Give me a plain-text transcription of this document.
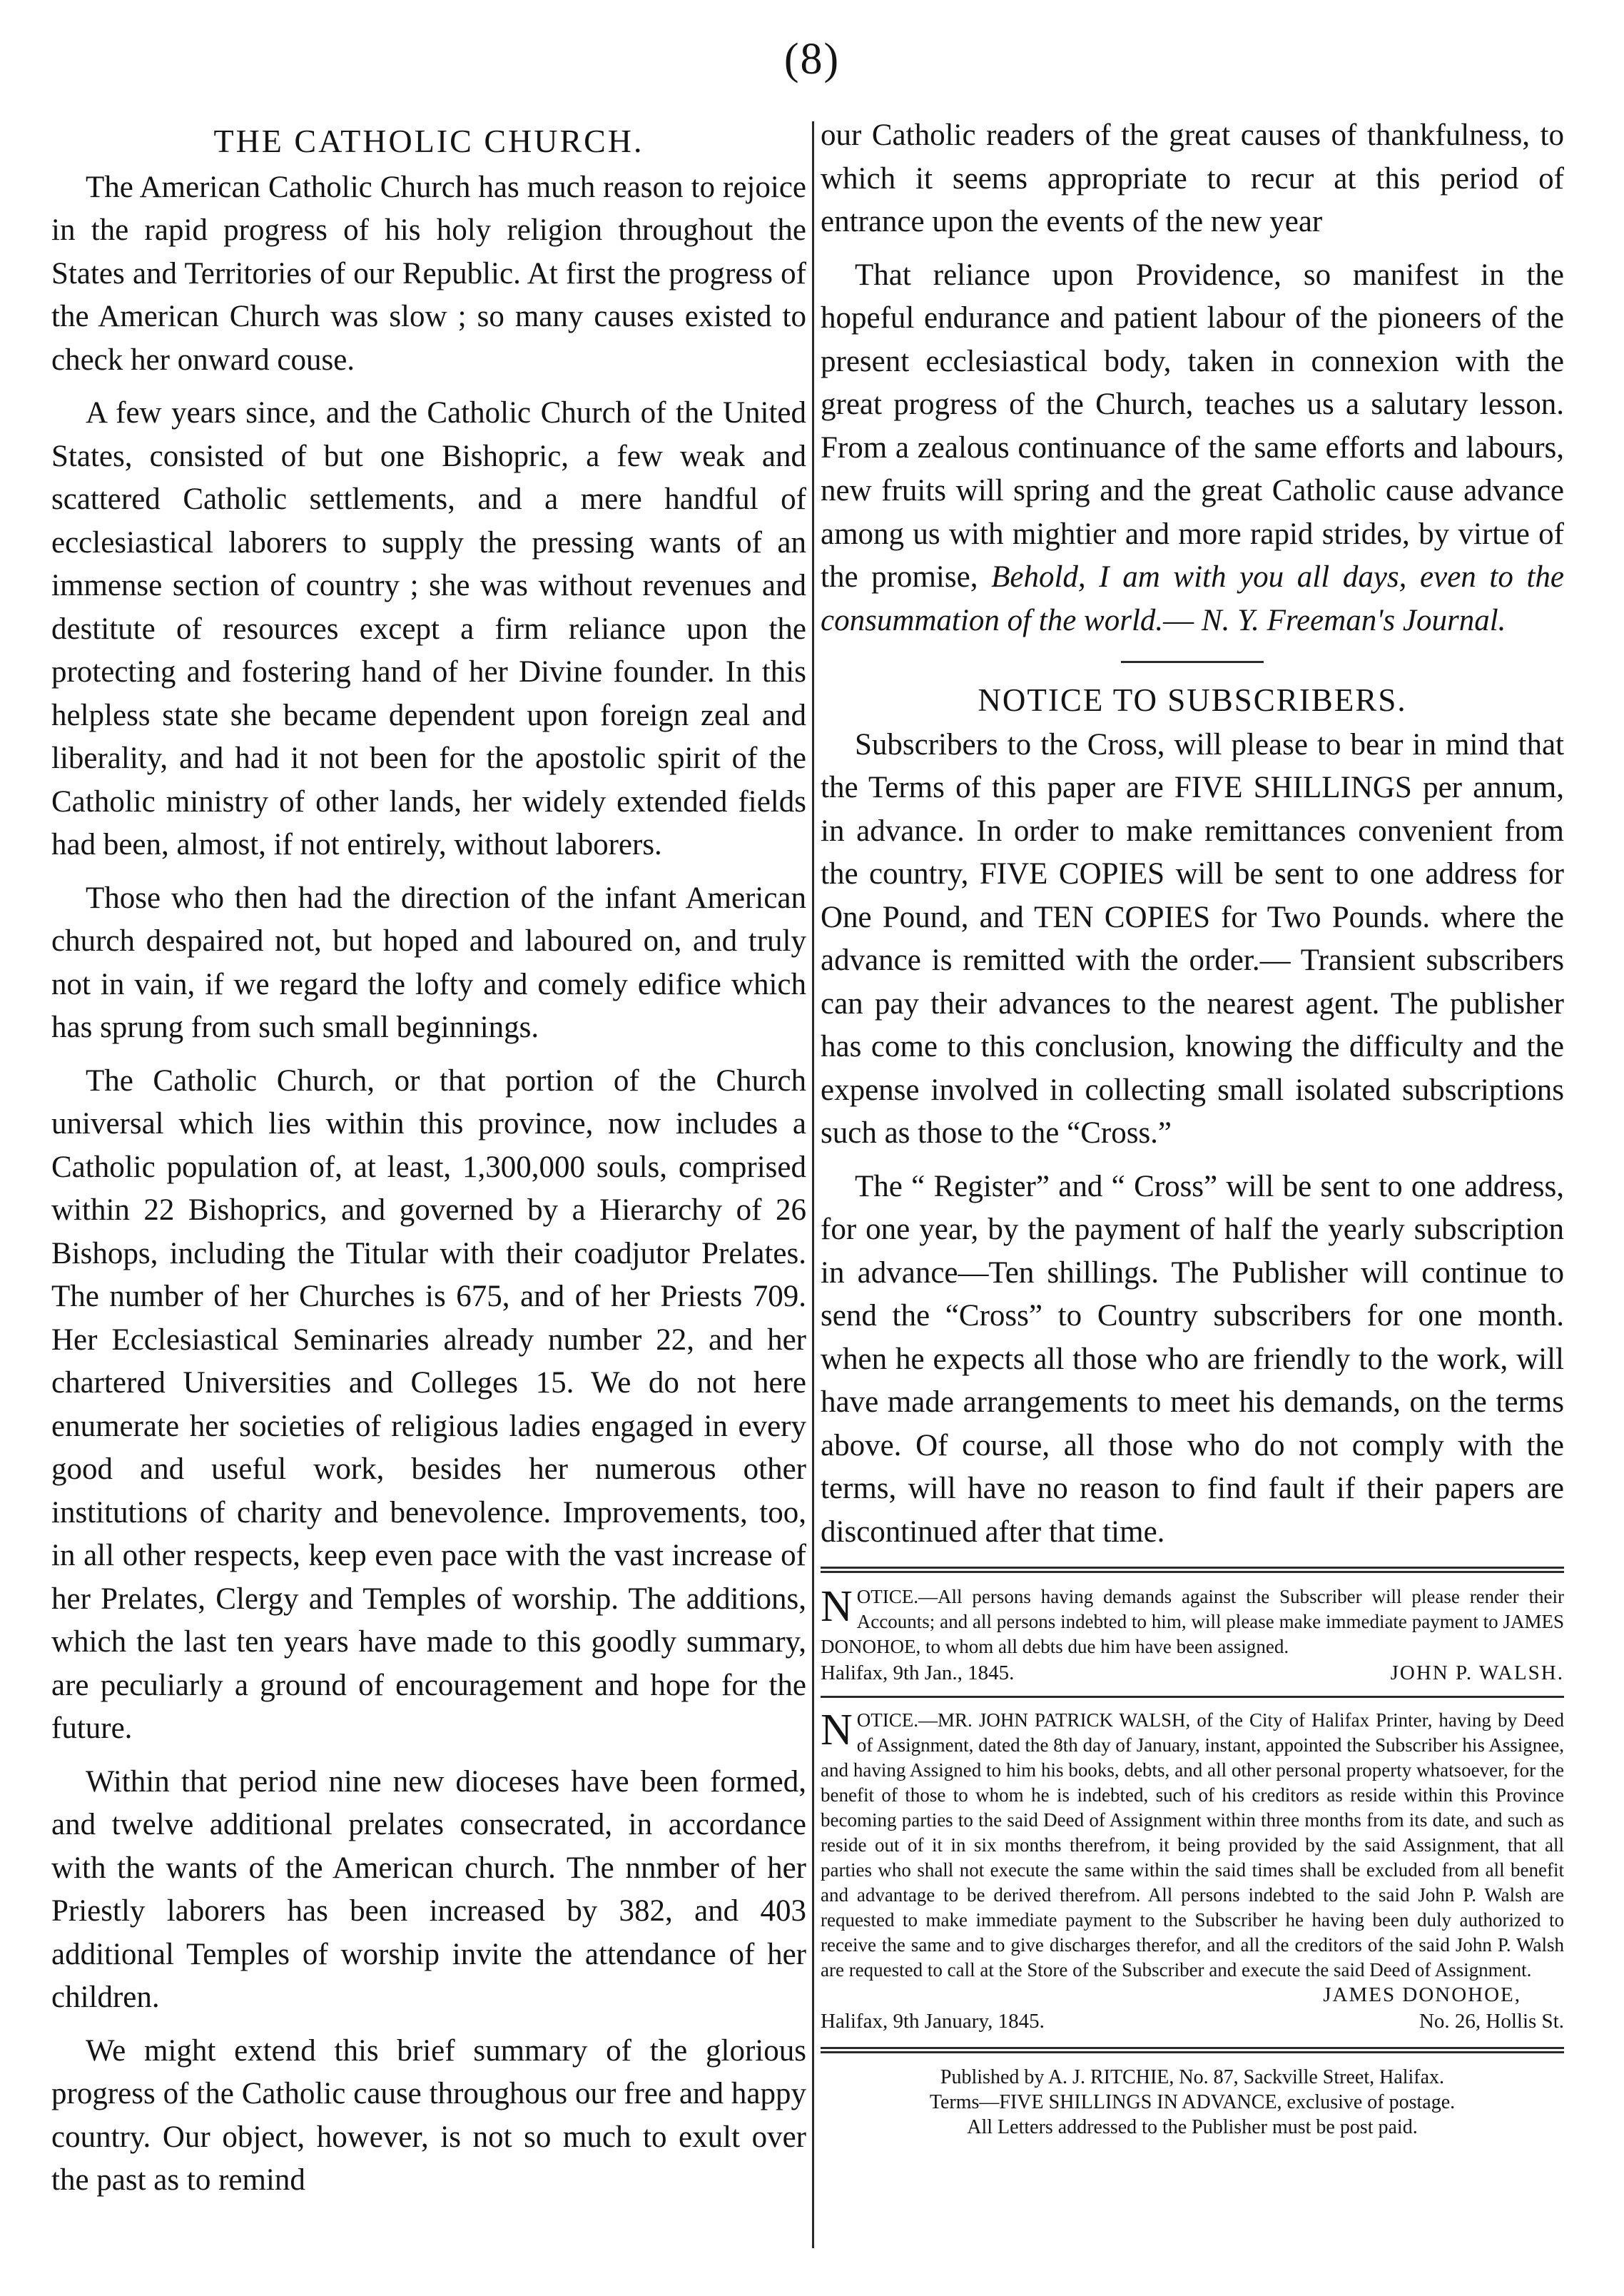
(8)
THE CATHOLIC CHURCH.

The American Catholic Church has much reason to rejoice in the rapid progress of his holy religion throughout the States and Territories of our Republic. At first the progress of the American Church was slow ; so many causes existed to check her onward couse.

A few years since, and the Catholic Church of the United States, consisted of but one Bishopric, a few weak and scattered Catholic settlements, and a mere handful of ecclesiastical laborers to supply the pressing wants of an immense section of country ; she was without revenues and destitute of resources except a firm reliance upon the protecting and fostering hand of her Divine founder. In this helpless state she became dependent upon foreign zeal and liberality, and had it not been for the apostolic spirit of the Catholic ministry of other lands, her widely extended fields had been, almost, if not entirely, without laborers.

Those who then had the direction of the infant American church despaired not, but hoped and laboured on, and truly not in vain, if we regard the lofty and comely edifice which has sprung from such small beginnings.

The Catholic Church, or that portion of the Church universal which lies within this province, now includes a Catholic population of, at least, 1,300,000 souls, comprised within 22 Bishoprics, and governed by a Hierarchy of 26 Bishops, including the Titular with their coadjutor Prelates. The number of her Churches is 675, and of her Priests 709. Her Ecclesiastical Seminaries already number 22, and her chartered Universities and Colleges 15. We do not here enumerate her societies of religious ladies engaged in every good and useful work, besides her numerous other institutions of charity and benevolence. Improvements, too, in all other respects, keep even pace with the vast increase of her Prelates, Clergy and Temples of worship. The additions, which the last ten years have made to this goodly summary, are peculiarly a ground of encouragement and hope for the future.

Within that period nine new dioceses have been formed, and twelve additional prelates consecrated, in accordance with the wants of the American church. The nnmber of her Priestly laborers has been increased by 382, and 403 additional Temples of worship invite the attendance of her children.

We might extend this brief summary of the glorious progress of the Catholic cause throughous our free and happy country. Our object, however, is not so much to exult over the past as to remind

our Catholic readers of the great causes of thankfulness, to which it seems appropriate to recur at this period of entrance upon the events of the new year

That reliance upon Providence, so manifest in the hopeful endurance and patient labour of the pioneers of the present ecclesiastical body, taken in connexion with the great progress of the Church, teaches us a salutary lesson. From a zealous continuance of the same efforts and labours, new fruits will spring and the great Catholic cause advance among us with mightier and more rapid strides, by virtue of the promise, Behold, I am with you all days, even to the consummation of the world.— N. Y. Freeman's Journal.

NOTICE TO SUBSCRIBERS.

Subscribers to the Cross, will please to bear in mind that the Terms of this paper are FIVE SHILLINGS per annum, in advance. In order to make remittances convenient from the country, FIVE COPIES will be sent to one address for One Pound, and TEN COPIES for Two Pounds. where the advance is remitted with the order.— Transient subscribers can pay their advances to the nearest agent. The publisher has come to this conclusion, knowing the difficulty and the expense involved in collecting small isolated subscriptions such as those to the “Cross.”

The “ Register” and “ Cross” will be sent to one address, for one year, by the payment of half the yearly subscription in advance—Ten shillings. The Publisher will continue to send the “Cross” to Country subscribers for one month. when he expects all those who are friendly to the work, will have made arrangements to meet his demands, on the terms above. Of course, all those who do not comply with the terms, will have no reason to find fault if their papers are discontinued after that time.

NOTICE.—All persons having demands against the Subscriber will please render their Accounts; and all persons indebted to him, will please make immediate payment to JAMES DONOHOE, to whom all debts due him have been assigned.

Halifax, 9th Jan., 1845.	JOHN P. WALSH.

NOTICE.—MR. JOHN PATRICK WALSH, of the City of Halifax Printer, having by Deed of Assignment, dated the 8th day of January, instant, appointed the Subscriber his Assignee, and having Assigned to him his books, debts, and all other personal property whatsoever, for the benefit of those to whom he is indebted, such of his creditors as reside within this Province becoming parties to the said Deed of Assignment within three months from its date, and such as reside out of it in six months therefrom, it being provided by the said Assignment, that all parties who shall not execute the same within the said times shall be excluded from all benefit and advantage to be derived therefrom. All persons indebted to the said John P. Walsh are requested to make immediate payment to the Subscriber he having been duly authorized to receive the same and to give discharges therefor, and all the creditors of the said John P. Walsh are requested to call at the Store of the Subscriber and execute the said Deed of Assignment.

JAMES DONOHOE,
Halifax, 9th January, 1845.	No. 26, Hollis St.
Published by A. J. RITCHIE, No. 87, Sackville Street, Halifax.
Terms—FIVE SHILLINGS IN ADVANCE, exclusive of postage.
All Letters addressed to the Publisher must be post paid.
